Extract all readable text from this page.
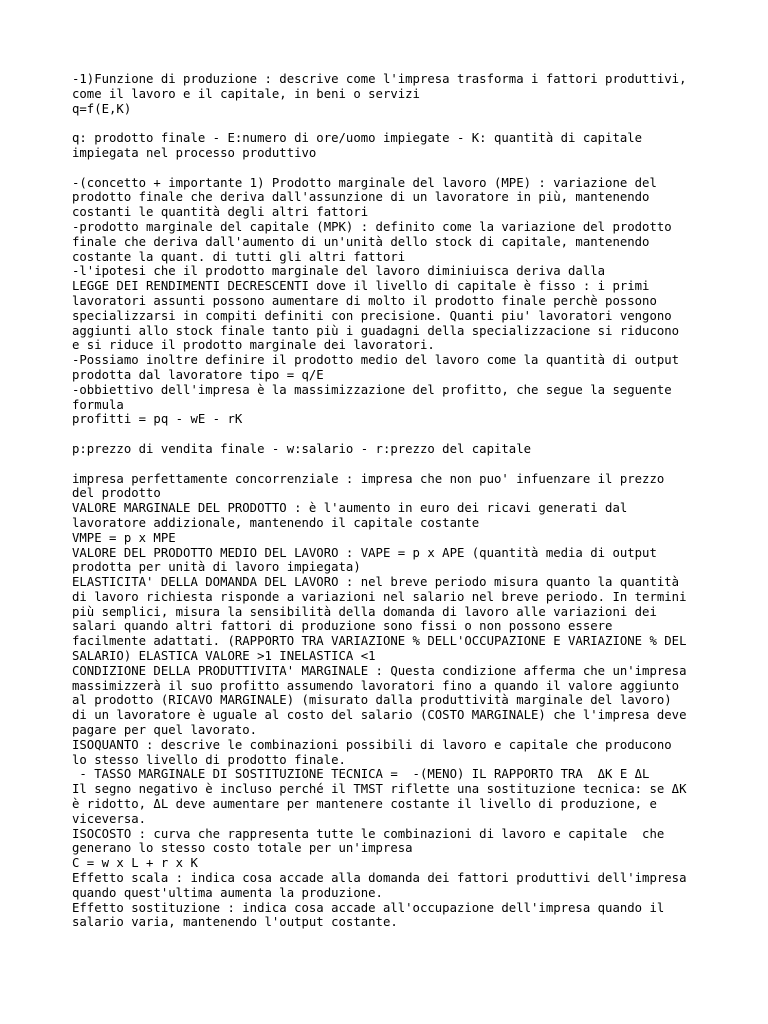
-1)Funzione di produzione : descrive come l'impresa trasforma i fattori produttivi,
come il lavoro e il capitale, in beni o servizi
q=f(E,K)
q: prodotto finale - E:numero di ore/uomo impiegate - K: quantità di capitale
impiegata nel processo produttivo
-(concetto + importante 1) Prodotto marginale del lavoro (MPE) : variazione del
prodotto finale che deriva dall'assunzione di un lavoratore in più, mantenendo
costanti le quantità degli altri fattori
-prodotto marginale del capitale (MPK) : definito come la variazione del prodotto
finale che deriva dall'aumento di un'unità dello stock di capitale, mantenendo
costante la quant. di tutti gli altri fattori
-l'ipotesi che il prodotto marginale del lavoro diminiuisca deriva dalla
LEGGE DEI RENDIMENTI DECRESCENTI dove il livello di capitale è fisso : i primi
lavoratori assunti possono aumentare di molto il prodotto finale perchè possono
specializzarsi in compiti definiti con precisione. Quanti piu' lavoratori vengono
aggiunti allo stock finale tanto più i guadagni della specializzacione si riducono
e si riduce il prodotto marginale dei lavoratori.
-Possiamo inoltre definire il prodotto medio del lavoro come la quantità di output
prodotta dal lavoratore tipo = q/E
-obbiettivo dell'impresa è la massimizzazione del profitto, che segue la seguente
formula
profitti = pq - wE - rK
p:prezzo di vendita finale - w:salario - r:prezzo del capitale
impresa perfettamente concorrenziale : impresa che non puo' infuenzare il prezzo
del prodotto
VALORE MARGINALE DEL PRODOTTO : è l'aumento in euro dei ricavi generati dal
lavoratore addizionale, mantenendo il capitale costante
VMPE = p x MPE
VALORE DEL PRODOTTO MEDIO DEL LAVORO : VAPE = p x APE (quantità media di output
prodotta per unità di lavoro impiegata)
ELASTICITA' DELLA DOMANDA DEL LAVORO : nel breve periodo misura quanto la quantità
di lavoro richiesta risponde a variazioni nel salario nel breve periodo. In termini
più semplici, misura la sensibilità della domanda di lavoro alle variazioni dei
salari quando altri fattori di produzione sono fissi o non possono essere
facilmente adattati. (RAPPORTO TRA VARIAZIONE % DELL'OCCUPAZIONE E VARIAZIONE % DEL
SALARIO) ELASTICA VALORE >1 INELASTICA <1
CONDIZIONE DELLA PRODUTTIVITA' MARGINALE : Questa condizione afferma che un'impresa
massimizzerà il suo profitto assumendo lavoratori fino a quando il valore aggiunto
al prodotto (RICAVO MARGINALE) (misurato dalla produttività marginale del lavoro)
di un lavoratore è uguale al costo del salario (COSTO MARGINALE) che l'impresa deve
pagare per quel lavorato.
ISOQUANTO : descrive le combinazioni possibili di lavoro e capitale che producono
lo stesso livello di prodotto finale.
- TASSO MARGINALE DI SOSTITUZIONE TECNICA =  -(MENO) IL RAPPORTO TRA  ΔK E ΔL
Il segno negativo è incluso perché il TMST riflette una sostituzione tecnica: se ΔK
è ridotto, ΔL deve aumentare per mantenere costante il livello di produzione, e
viceversa.
ISOCOSTO : curva che rappresenta tutte le combinazioni di lavoro e capitale  che
generano lo stesso costo totale per un'impresa
C = w x L + r x K
Effetto scala : indica cosa accade alla domanda dei fattori produttivi dell'impresa
quando quest'ultima aumenta la produzione.
Effetto sostituzione : indica cosa accade all'occupazione dell'impresa quando il
salario varia, mantenendo l'output costante.
